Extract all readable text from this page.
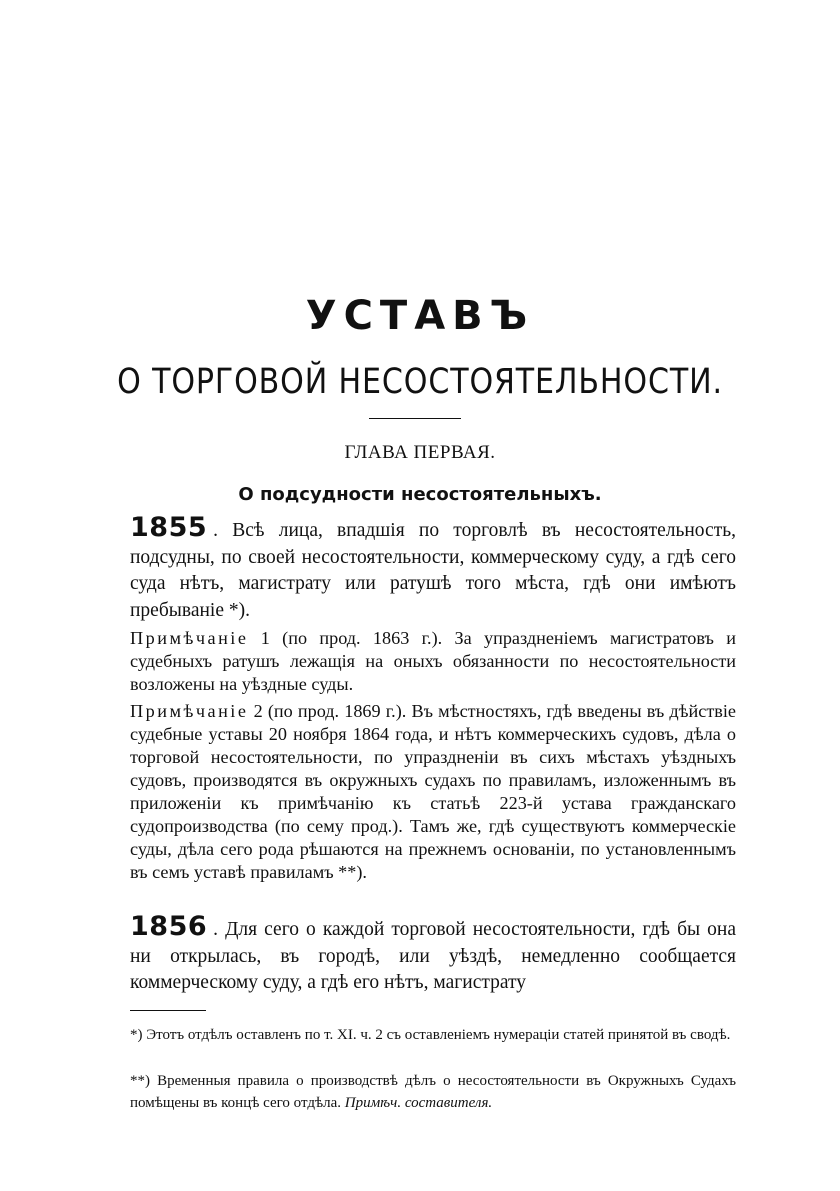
УСТАВЪ
О ТОРГОВОЙ НЕСОСТОЯТЕЛЬНОСТИ.
ГЛАВА ПЕРВАЯ.
О подсудности несостоятельныхъ.

1855 . Всѣ лица, впадшія по торговлѣ въ несостоятельность, подсудны, по своей несостоятельности, коммерческому суду, а гдѣ сего суда нѣтъ, магистрату или ратушѣ того мѣста, гдѣ они имѣютъ пребываніе *).

Примѣчаніе 1 (по прод. 1863 г.). За упраздненіемъ магистратовъ и судебныхъ ратушъ лежащія на оныхъ обязанности по несостоятельности возложены на уѣздные суды.

Примѣчаніе 2 (по прод. 1869 г.). Въ мѣстностяхъ, гдѣ введены въ дѣйствіе судебные уставы 20 ноября 1864 года, и нѣтъ коммерческихъ судовъ, дѣла о торговой несостоятельности, по упраздненіи въ сихъ мѣстахъ уѣздныхъ судовъ, производятся въ окружныхъ судахъ по правиламъ, изложеннымъ въ приложеніи къ примѣчанію къ статьѣ 223-й устава гражданскаго судопроизводства (по сему прод.). Тамъ же, гдѣ существуютъ коммерческіе суды, дѣла сего рода рѣшаются на прежнемъ основаніи, по установленнымъ въ семъ уставѣ правиламъ **).

1856 . Для сего о каждой торговой несостоятельности, гдѣ бы она ни открылась, въ городѣ, или уѣздѣ, немедленно сообщается коммерческому суду, а гдѣ его нѣтъ, магистрату

*) Этотъ отдѣлъ оставленъ по т. XI. ч. 2 съ оставленіемъ нумераціи статей принятой въ сводѣ.

**) Временныя правила о производствѣ дѣлъ о несостоятельности въ Окружныхъ Судахъ помѣщены въ концѣ сего отдѣла. Примѣч. составителя.
